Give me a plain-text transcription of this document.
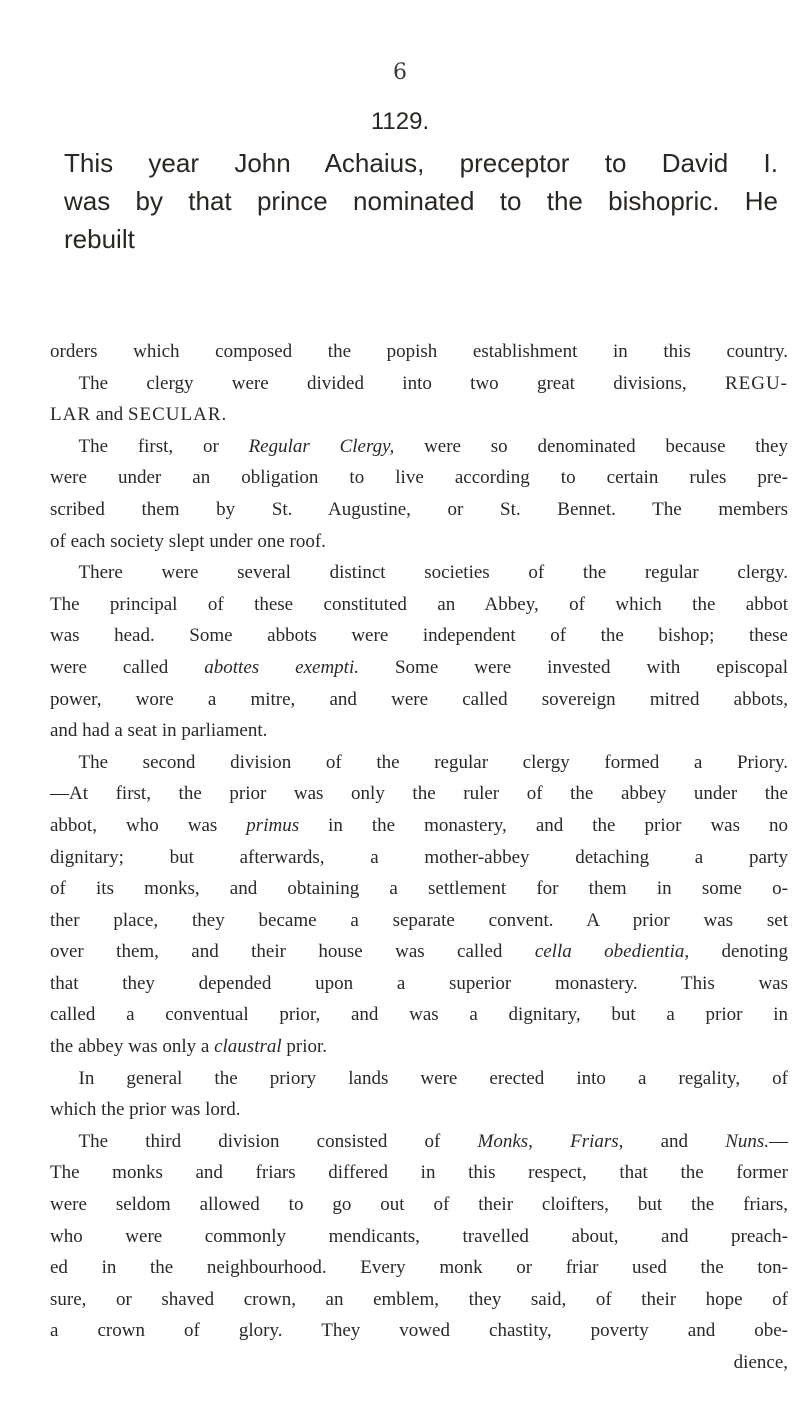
6
1129.
This year John Achaius, preceptor to David I.
was by that prince nominated to the bishopric. He
rebuilt

orders which composed the popish establishment in this country.

  The clergy were divided into two great divisions, REGU-
LAR and SECULAR.

  The first, or Regular Clergy, were so denominated because they
were under an obligation to live according to certain rules pre-
scribed them by St. Augustine, or St. Bennet. The members
of each society slept under one roof.

  There were several distinct societies of the regular clergy.
The principal of these constituted an Abbey, of which the abbot
was head. Some abbots were independent of the bishop; these
were called abottes exempti. Some were invested with episcopal
power, wore a mitre, and were called sovereign mitred abbots,
and had a seat in parliament.

  The second division of the regular clergy formed a Priory.
—At first, the prior was only the ruler of the abbey under the
abbot, who was primus in the monastery, and the prior was no
dignitary; but afterwards, a mother-abbey detaching a party
of its monks, and obtaining a settlement for them in some o-
ther place, they became a separate convent. A prior was set
over them, and their house was called cella obedientia, denoting
that they depended upon a superior monastery. This was
called a conventual prior, and was a dignitary, but a prior in
the abbey was only a claustral prior.

  In general the priory lands were erected into a regality, of
which the prior was lord.

  The third division consisted of Monks, Friars, and Nuns.—
The monks and friars differed in this respect, that the former
were seldom allowed to go out of their cloifters, but the friars,
who were commonly mendicants, travelled about, and preach-
ed in the neighbourhood. Every monk or friar used the ton-
sure, or shaved crown, an emblem, they said, of their hope of
a crown of glory. They vowed chastity, poverty and obe-
dience,
